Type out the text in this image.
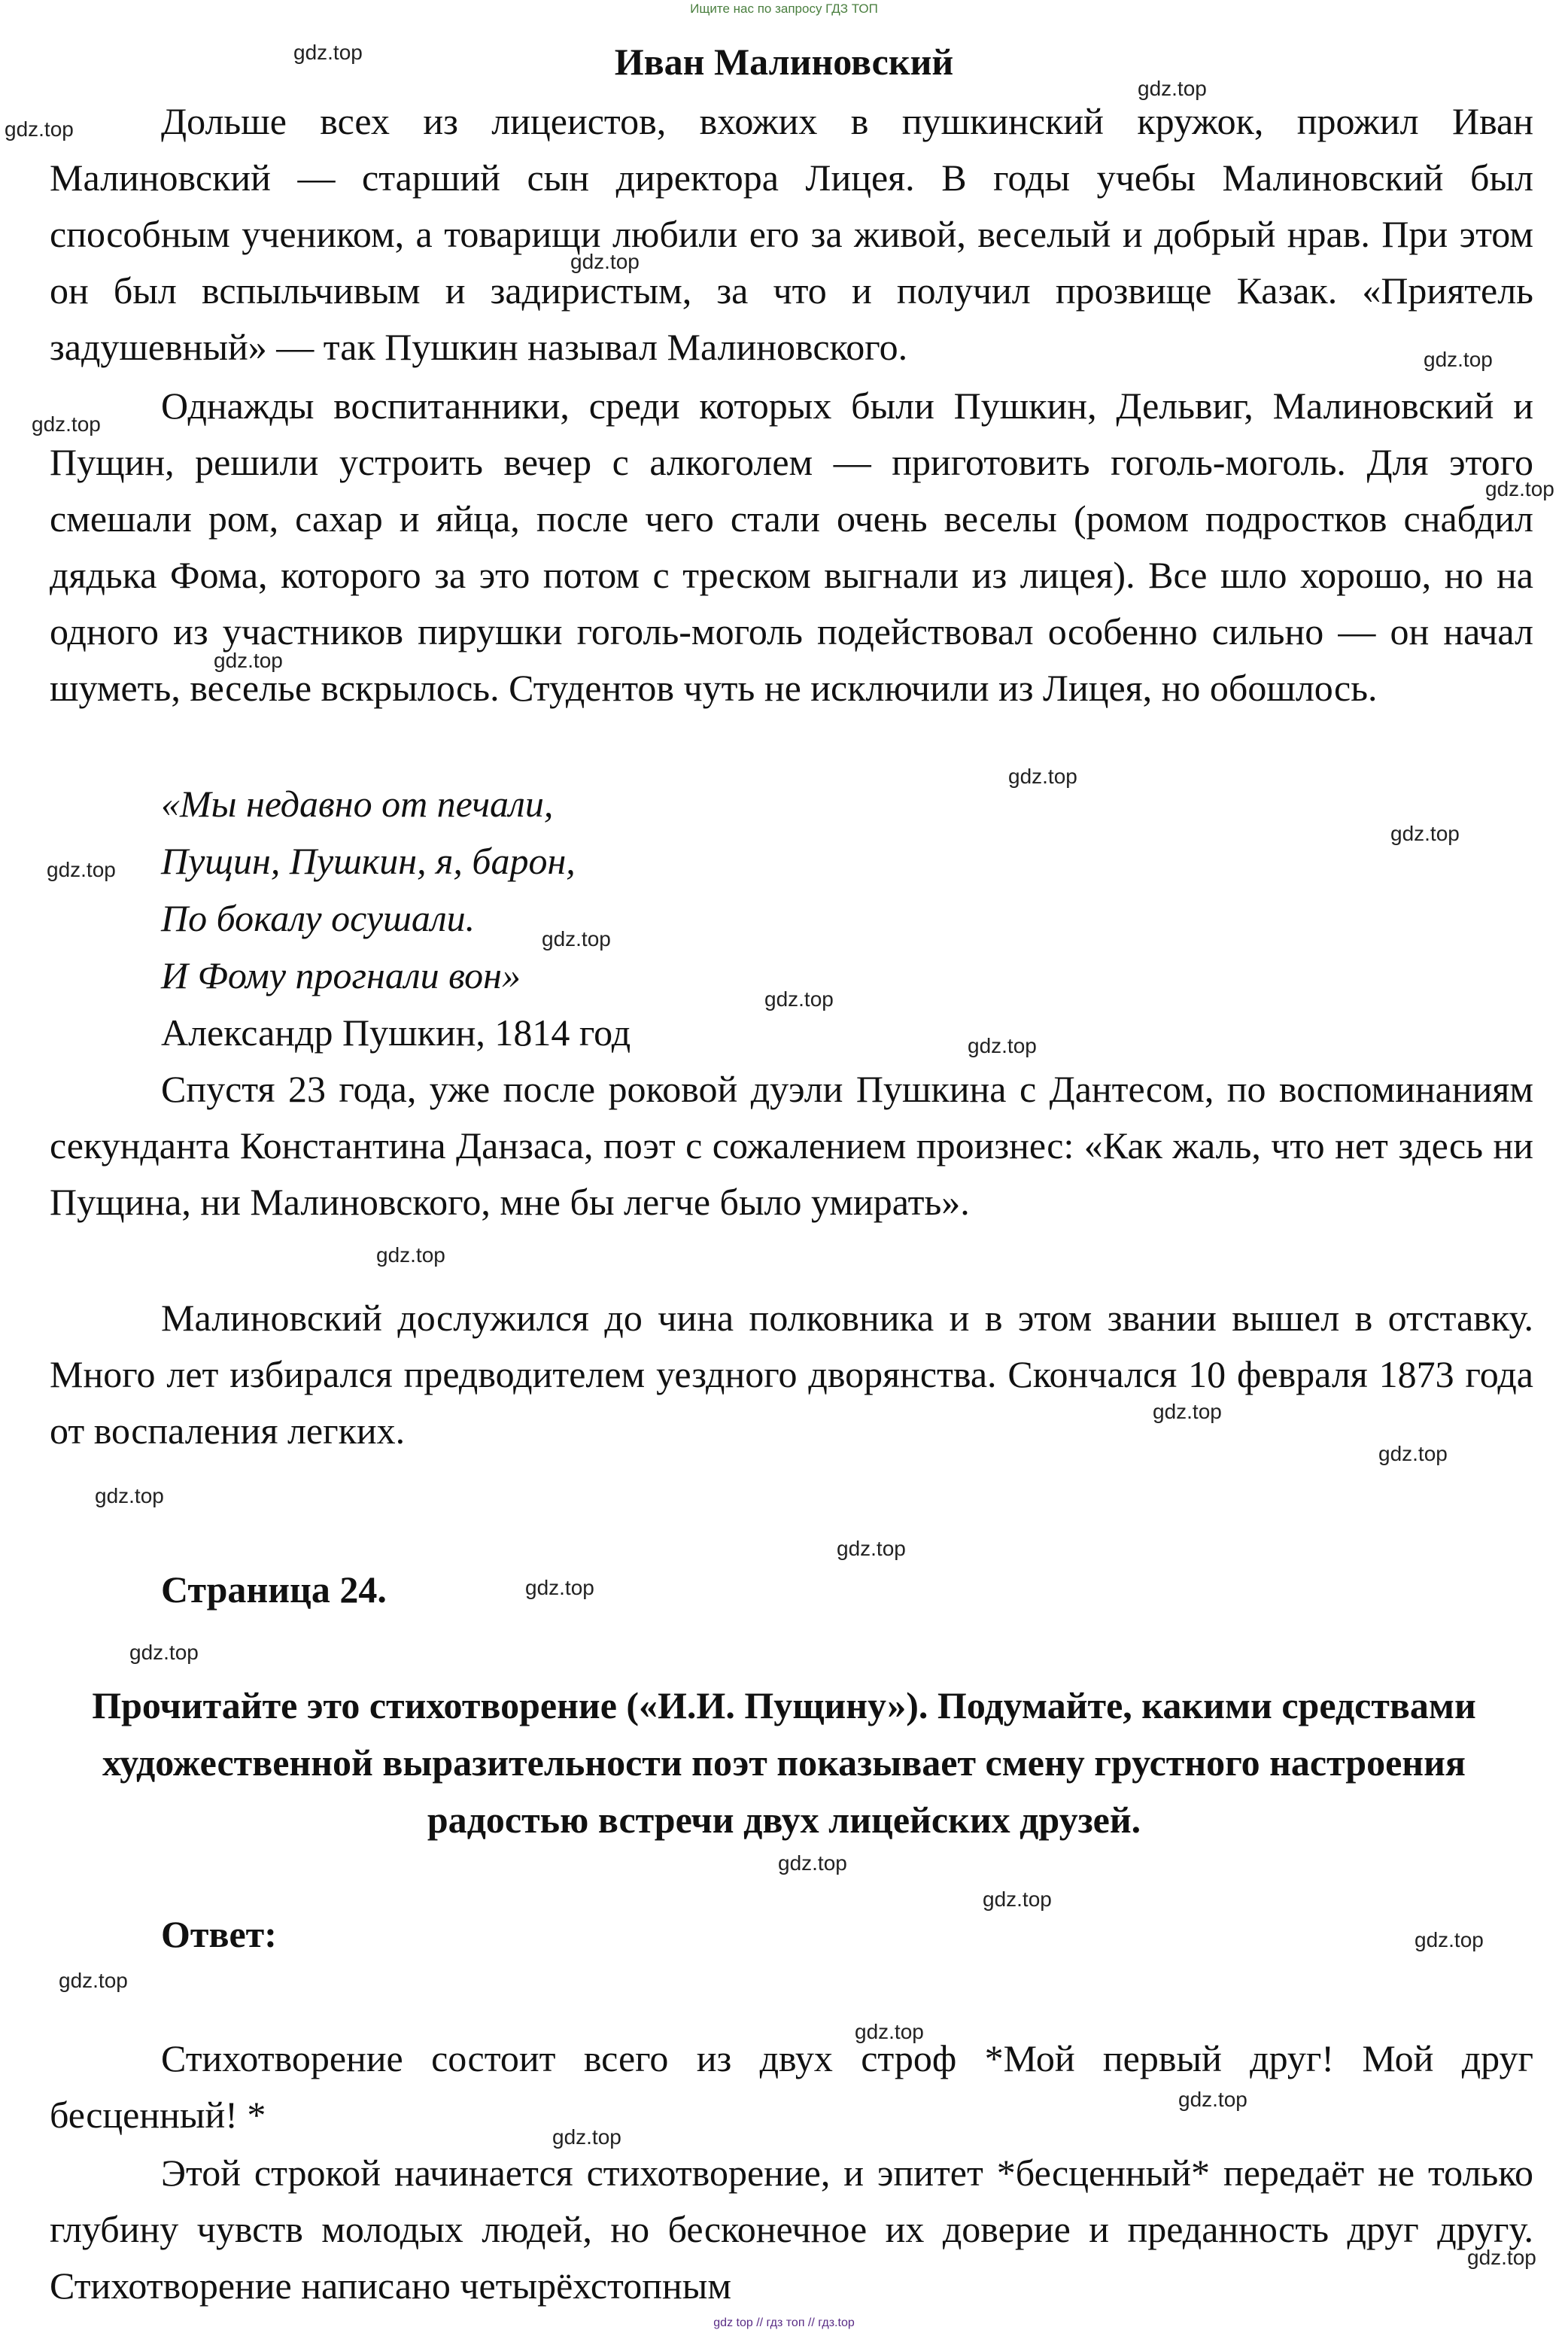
Ищите нас по запросу ГДЗ ТОП
Иван Малиновский

Дольше всех из лицеистов, вхожих в пушкинский кружок, прожил Иван Малиновский — старший сын директора Лицея. В годы учебы Малиновский был способным учеником, а товарищи любили его за живой, веселый и добрый нрав. При этом он был вспыльчивым и задиристым, за что и получил прозвище Казак. «Приятель задушевный» — так Пушкин называл Малиновского.

Однажды воспитанники, среди которых были Пушкин, Дельвиг, Малиновский и Пущин, решили устроить вечер с алкоголем — приготовить гоголь-моголь. Для этого смешали ром, сахар и яйца, после чего стали очень веселы (ромом подростков снабдил дядька Фома, которого за это потом с треском выгнали из лицея). Все шло хорошо, но на одного из участников пирушки гоголь-моголь подействовал особенно сильно — он начал шуметь, веселье вскрылось. Студентов чуть не исключили из Лицея, но обошлось.

«Мы недавно от печали,
Пущин, Пушкин, я, барон,
По бокалу осушали.
И Фому прогнали вон»
Александр Пушкин, 1814 год

Спустя 23 года, уже после роковой дуэли Пушкина с Дантесом, по воспоминаниям секунданта Константина Данзаса, поэт с сожалением произнес: «Как жаль, что нет здесь ни Пущина, ни Малиновского, мне бы легче было умирать».

Малиновский дослужился до чина полковника и в этом звании вышел в отставку. Много лет избирался предводителем уездного дворянства. Скончался 10 февраля 1873 года от воспаления легких.

Страница 24.

Прочитайте это стихотворение («И.И. Пущину»). Подумайте, какими средствами художественной выразительности поэт показывает смену грустного настроения радостью встречи двух лицейских друзей.

Ответ:

Стихотворение состоит всего из двух строф *Мой первый друг! Мой друг бесценный! *

Этой строкой начинается стихотворение, и эпитет *бесценный* передаёт не только глубину чувств молодых людей, но бесконечное их доверие и преданность друг другу. Стихотворение написано четырёхстопным

gdz.top
gdz.top
gdz.top
gdz.top
gdz.top
gdz.top
gdz.top
gdz.top
gdz.top
gdz.top
gdz.top
gdz.top
gdz.top
gdz.top
gdz.top
gdz.top
gdz.top
gdz.top
gdz.top
gdz.top
gdz.top
gdz.top
gdz.top
gdz.top
gdz.top
gdz.top
gdz.top
gdz.top
gdz.top
gdz top // гдз топ // гдз.top
